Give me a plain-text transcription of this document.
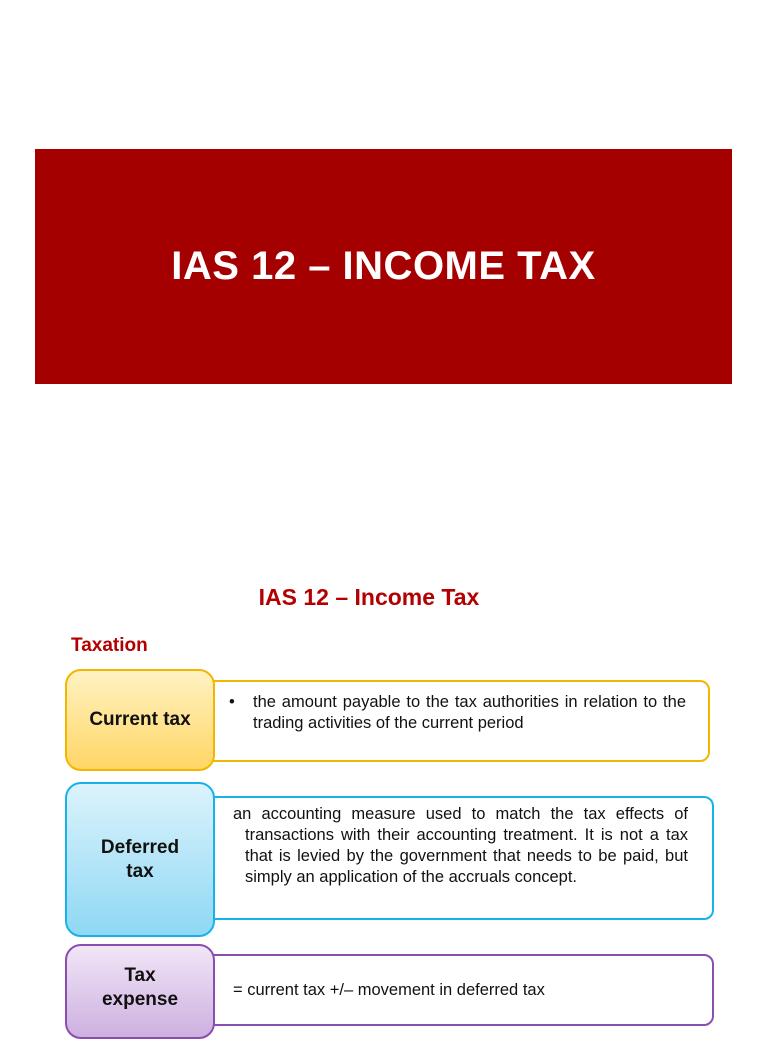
IAS 12 – INCOME TAX
IAS 12 – Income Tax
Taxation
•	the amount payable to the tax authorities in relation to the trading activities of the current period
Current tax
an accounting measure used to match the tax effects of transactions with their accounting treatment. It is not a tax that is levied by the government that needs to be paid, but simply an application of the accruals concept.
Deferred tax
= current tax +/– movement in deferred tax
Tax expense
